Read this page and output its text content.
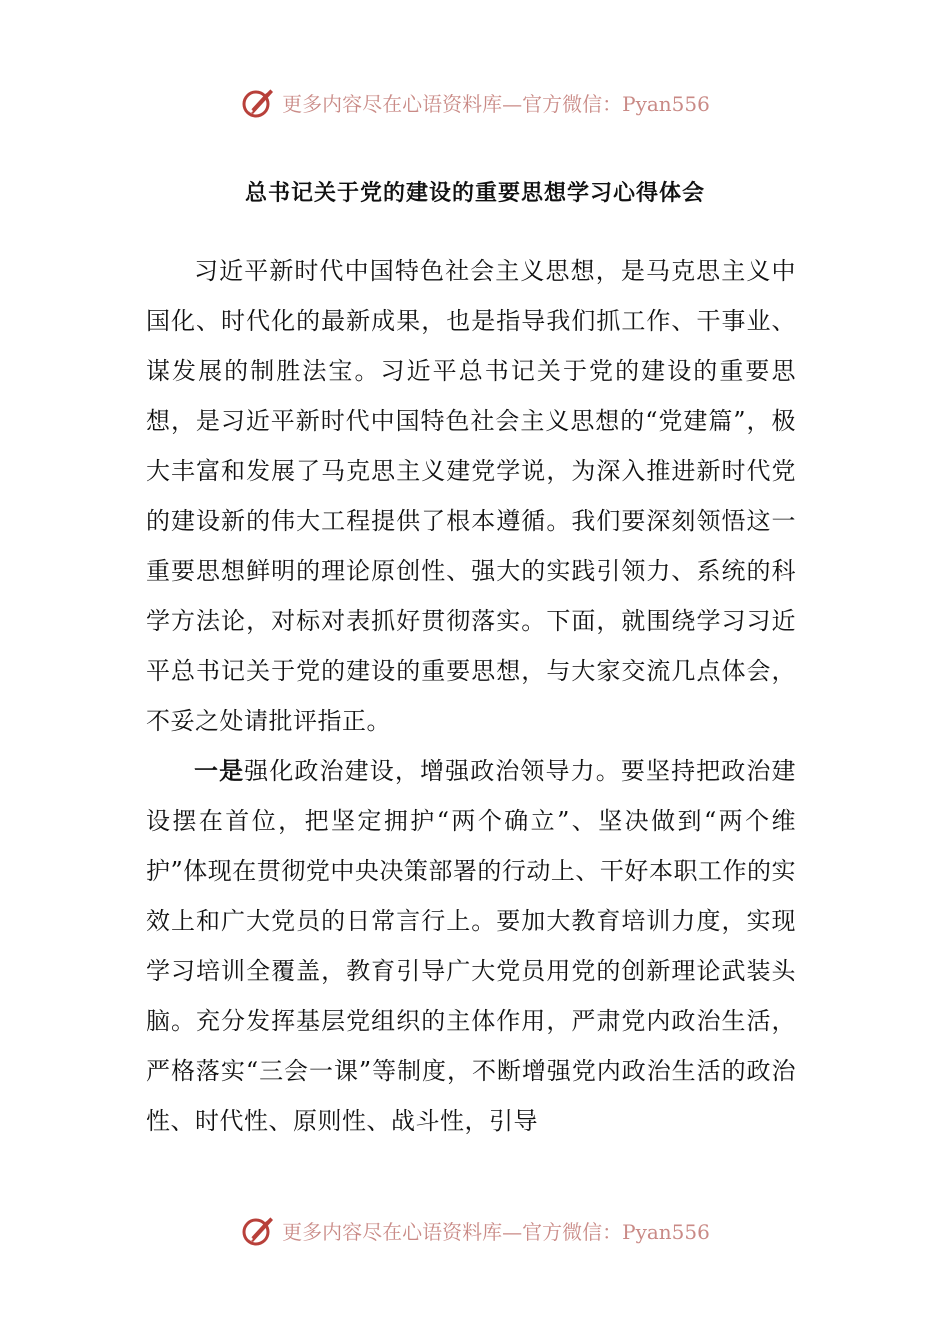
更多内容尽在心语资料库—官方微信：Pyan556
总书记关于党的建设的重要思想学习心得体会

习近平新时代中国特色社会主义思想，是马克思主义中国化、时代化的最新成果，也是指导我们抓工作、干事业、谋发展的制胜法宝。习近平总书记关于党的建设的重要思想，是习近平新时代中国特色社会主义思想的“党建篇”，极大丰富和发展了马克思主义建党学说，为深入推进新时代党的建设新的伟大工程提供了根本遵循。我们要深刻领悟这一重要思想鲜明的理论原创性、强大的实践引领力、系统的科学方法论，对标对表抓好贯彻落实。下面，就围绕学习习近平总书记关于党的建设的重要思想，与大家交流几点体会，不妥之处请批评指正。

一是强化政治建设，增强政治领导力。要坚持把政治建设摆在首位，把坚定拥护“两个确立”、坚决做到“两个维护”体现在贯彻党中央决策部署的行动上、干好本职工作的实效上和广大党员的日常言行上。要加大教育培训力度，实现学习培训全覆盖，教育引导广大党员用党的创新理论武装头脑。充分发挥基层党组织的主体作用，严肃党内政治生活，严格落实“三会一课”等制度，不断增强党内政治生活的政治性、时代性、原则性、战斗性，引导

更多内容尽在心语资料库—官方微信：Pyan556
